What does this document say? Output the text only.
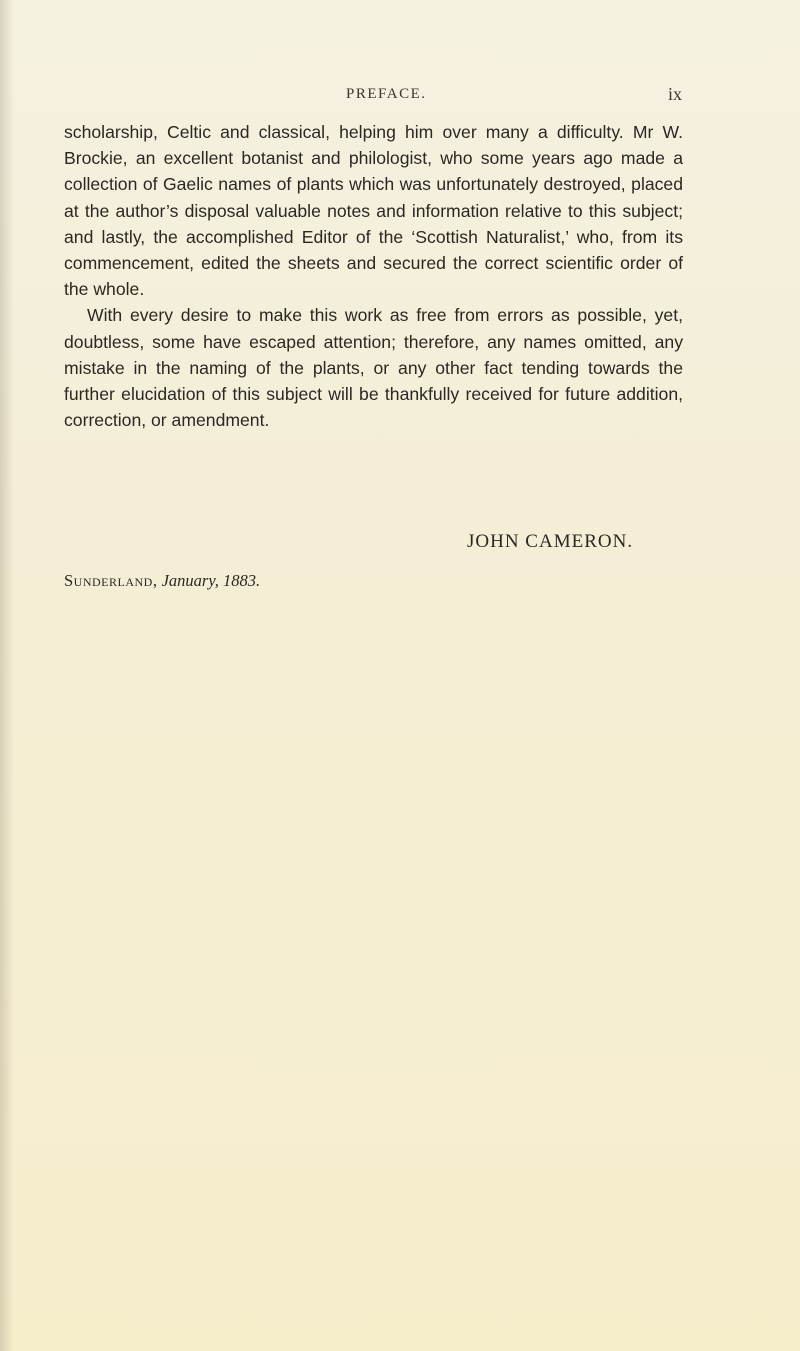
PREFACE.	ix

scholarship, Celtic and classical, helping him over many a difficulty. Mr W. Brockie, an excellent botanist and philologist, who some years ago made a collection of Gaelic names of plants which was unfortunately destroyed, placed at the author’s disposal valuable notes and information relative to this subject; and lastly, the accomplished Editor of the ‘Scottish Naturalist,’ who, from its commencement, edited the sheets and secured the correct scientific order of the whole.

With every desire to make this work as free from errors as possible, yet, doubtless, some have escaped attention; therefore, any names omitted, any mistake in the naming of the plants, or any other fact tending towards the further elucidation of this subject will be thankfully received for future addition, correction, or amendment.

JOHN CAMERON.
Sunderland, January, 1883.
